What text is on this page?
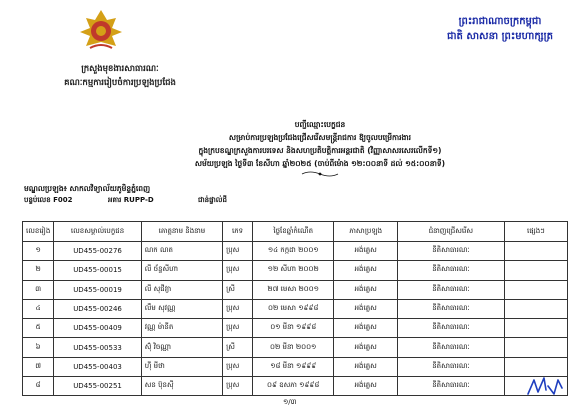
ព្រះរាជាណាចក្រកម្ពុជា
ជាតិ សាសនា ព្រះមហាក្សត្រ
ក្រសួងមុខងារសាធារណៈ
គណៈកម្មការរៀបចំការប្រឡងប្រជែង
បញ្ជីឈ្មោះបេក្ខជន
សម្រាប់ការប្រឡងប្រជែងជ្រើសរើសមន្ត្រីរាជការ ឱ្យចូលបម្រើការងារ
ក្នុងក្របខណ្ឌក្រសួងការបរទេស និងសហប្រតិបត្តិការអន្តរជាតិ (វិញ្ញាសាសរសេរលើកទី១)
សម័យប្រឡង ថ្ងៃទី៣ ខែសីហា ឆ្នាំ២០២៥ (ចាប់ពីម៉ោង ១២:០០នាទី ដល់ ១៥:០០នាទី)
មណ្ឌលប្រឡង៖ សាកលវិទ្យាល័យភូមិន្ទភ្នំពេញ
បន្ទប់លេខ F002	អគារ RUPP-D	ជាន់ផ្ទាល់ដី
លេខរៀង	លេខសម្គាល់បេក្ខជន	គោត្តនាម និងនាម	ភេទ	ថ្ងៃខែឆ្នាំកំណើត	ភាសាប្រឡង	ជំនាញជ្រើសរើស	ផ្សេងៗ
១	UD455-00276	ណក ណត	ប្រុស	១៤ កក្កដា ២០០១	អង់គ្លេស	នីតិសាធារណៈ	
២	UD455-00015	លី ច័ន្ទសីហា	ប្រុស	១២ សីហា ២០០២	អង់គ្លេស	នីតិសាធារណៈ	
៣	UD455-00019	លី សុជីវ្យា	ស្រី	២៧ មេសា ២០០១	អង់គ្លេស	នីតិសាធារណៈ	
៤	UD455-00246	លឹម សុវណ្ណ	ប្រុស	០២ មេសា ១៩៩៨	អង់គ្លេស	នីតិសាធារណៈ	
៥	UD455-00409	វណ្ណ ម៉ានីត	ប្រុស	០១ មីនា ១៩៩៨	អង់គ្លេស	នីតិសាធារណៈ	
៦	UD455-00533	ស៊ុំ វិចណ្ណា	ស្រី	០២ មីនា ២០០១	អង់គ្លេស	នីតិសាធារណៈ	
៧	UD455-00403	ហ៊ី មីថា	ប្រុស	១៨ មីនា ១៩៩៩	អង់គ្លេស	នីតិសាធារណៈ	
៨	UD455-00251	សន ប៊ុនស៊ី	ប្រុស	០៩ ឧសភា ១៩៩៨	អង់គ្លេស	នីតិសាធារណៈ	
១/៣
